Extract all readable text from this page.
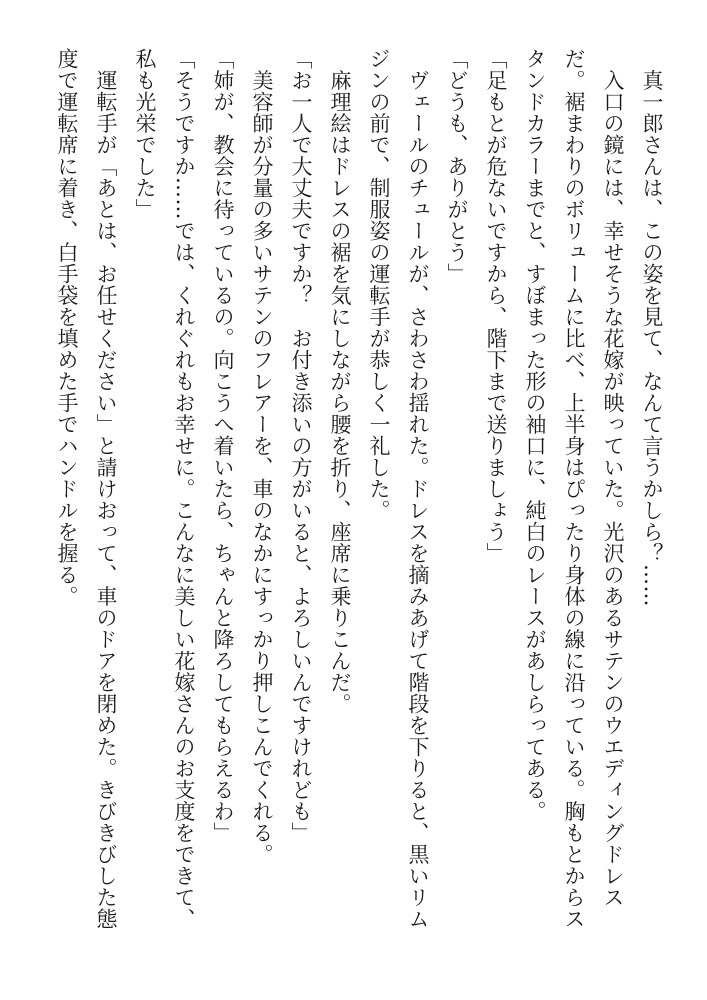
　真一郎さんは、この姿を見て、なんて言うかしら？……
　入口の鏡には、幸せそうな花嫁が映っていた。光沢のあるサテンのウエディングドレス
だ。裾まわりのボリュームに比べ、上半身はぴったり身体の線に沿っている。胸もとからス
タンドカラーまでと、すぼまった形の袖口に、純白のレースがあしらってある。
「足もとが危ないですから、階下まで送りましょう」
「どうも、ありがとう」
　ヴェールのチュールが、さわさわ揺れた。ドレスを摘みあげて階段を下りると、黒いリム
ジンの前で、制服姿の運転手が恭しく一礼した。
　麻理絵はドレスの裾を気にしながら腰を折り、座席に乗りこんだ。
「お一人で大丈夫ですか？　お付き添いの方がいると、よろしいんですけれども」
　美容師が分量の多いサテンのフレアーを、車のなかにすっかり押しこんでくれる。
「姉が、教会に待っているの。向こうへ着いたら、ちゃんと降ろしてもらえるわ」
「そうですか……では、くれぐれもお幸せに。こんなに美しい花嫁さんのお支度をできて、
私も光栄でした」
　運転手が「あとは、お任せください」と請けおって、車のドアを閉めた。きびきびした態
度で運転席に着き、白手袋を填めた手でハンドルを握る。
